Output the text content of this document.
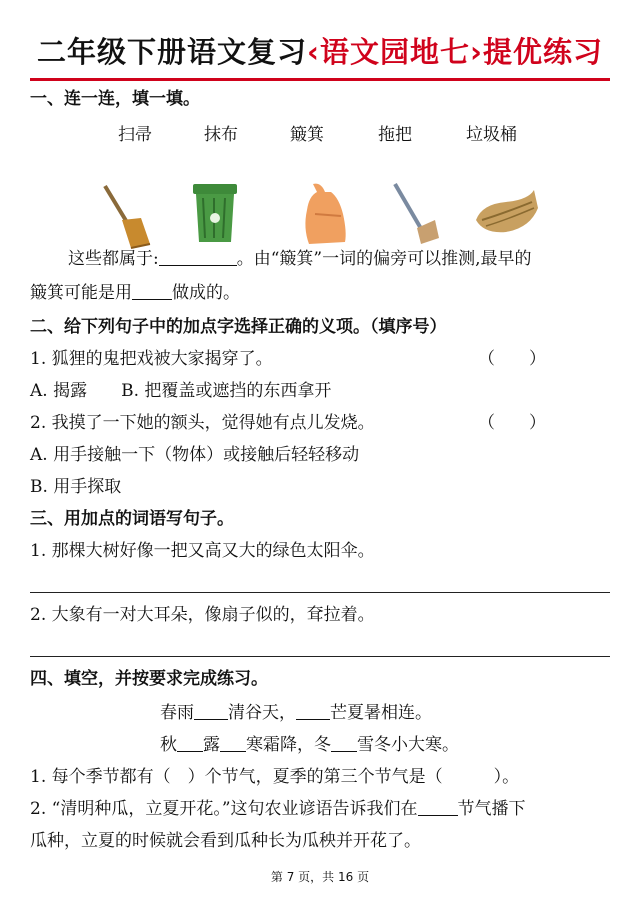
二年级下册语文复习‹语文园地七›提优练习
一、连一连，填一填。
扫帚	抹布	簸箕	拖把	垃圾桶
这些都属于:	。由“簸箕”一词的偏旁可以推测,最早的
簸箕可能是用 做成的。
二、给下列句子中的加点字选择正确的义项。（填序号）
1. 狐狸的鬼把戏被大家揭穿了。	（　　）
A. 揭露　　B. 把覆盖或遮挡的东西拿开
2. 我摸了一下她的额头，觉得她有点儿发烧。	（　　）
A. 用手接触一下（物体）或接触后轻轻移动
B. 用手探取
三、用加点的词语写句子。
1. 那棵大树好像一把又高又大的绿色太阳伞。
2. 大象有一对大耳朵，像扇子似的，耷拉着。
四、填空，并按要求完成练习。
春雨 清谷天， 芒夏暑相连。
秋 露 寒霜降，冬 雪冬小大寒。
1. 每个季节都有（　）个节气，夏季的第三个节气是（　　　）。
2. “清明种瓜，立夏开花。”这句农业谚语告诉我们在 节气播下
瓜种，立夏的时候就会看到瓜种长为瓜秧并开花了。
第 7 页，共 16 页
